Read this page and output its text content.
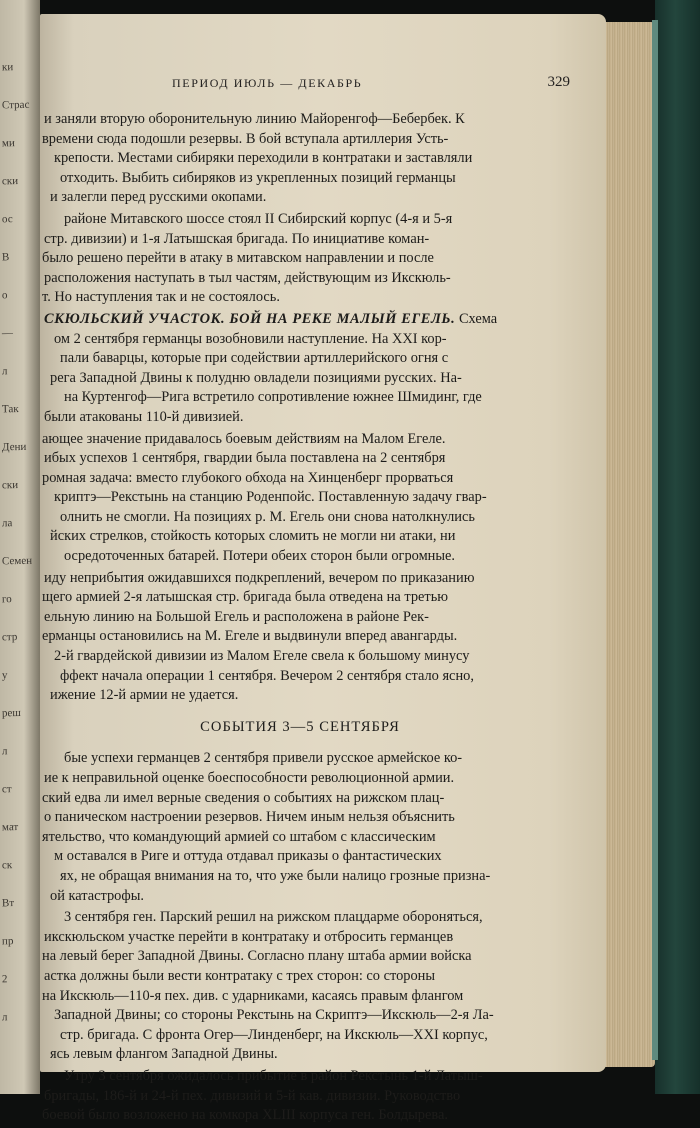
ки
Страс
ми
ски
ос
В
о
—
л
Так
Дени
ски
ла
Семен
го
стр
у
реш
л
ст
мат
ск
Вт
пр
2
л
ПЕРИОД ИЮЛЬ — ДЕКАБРЬ	329
и заняли вторую оборонительную линию Майоренгоф—Бебербек. К
времени сюда подошли резервы. В бой вступала артиллерия Усть-
крепости. Местами сибиряки переходили в контратаки и заставляли
отходить. Выбить сибиряков из укрепленных позиций германцы
и залегли перед русскими окопами.
районе Митавского шоссе стоял II Сибирский корпус (4-я и 5-я
стр. дивизии) и 1-я Латышская бригада. По инициативе коман-
было решено перейти в атаку в митавском направлении и после
расположения наступать в тыл частям, действующим из Икскюль-
т. Но наступления так и не состоялось.
СКЮЛЬСКИЙ УЧАСТОК. БОЙ НА РЕКЕ МАЛЫЙ ЕГЕЛЬ. Схема
ом 2 сентября германцы возобновили наступление. На XXI кор-
пали баварцы, которые при содействии артиллерийского огня с
рега Западной Двины к полудню овладели позициями русских. На-
на Куртенгоф—Рига встретило сопротивление южнее Шмидинг, где
были атакованы 110-й дивизией.
ающее значение придавалось боевым действиям на Малом Егеле.
ибых успехов 1 сентября, гвардии была поставлена на 2 сентября
ромная задача: вместо глубокого обхода на Хинценберг прорваться
криптэ—Рекстынь на станцию Роденпойс. Поставленную задачу гвар-
олнить не смогли. На позициях р. М. Егель они снова натолкнулись
йских стрелков, стойкость которых сломить не могли ни атаки, ни
осредоточенных батарей. Потери обеих сторон были огромные.
иду неприбытия ожидавшихся подкреплений, вечером по приказанию
щего армией 2-я латышская стр. бригада была отведена на третью
ельную линию на Большой Егель и расположена в районе Рек-
ерманцы остановились на М. Егеле и выдвинули вперед авангарды.
2-й гвардейской дивизии из Малом Егеле свела к большому минусу
ффект начала операции 1 сентября. Вечером 2 сентября стало ясно,
ижение 12-й армии не удается.
СОБЫТИЯ 3—5 СЕНТЯБРЯ
бые успехи германцев 2 сентября привели русское армейское ко-
ие к неправильной оценке боеспособности революционной армии.
ский едва ли имел верные сведения о событиях на рижском плац-
о паническом настроении резервов. Ничем иным нельзя объяснить
ятельство, что командующий армией со штабом с классическим
м оставался в Риге и оттуда отдавал приказы о фантастических
ях, не обращая внимания на то, что уже были налицо грозные призна-
ой катастрофы.
3 сентября ген. Парский решил на рижском плацдарме обороняться,
икскюльском участке перейти в контратаку и отбросить германцев
на левый берег Западной Двины. Согласно плану штаба армии войска
астка должны были вести контратаку с трех сторон: со стороны
на Икскюль—110-я пех. див. с ударниками, касаясь правым флангом
Западной Двины; со стороны Рекстынь на Скриптэ—Икскюль—2-я Ла-
стр. бригада. С фронта Огер—Линденберг, на Икскюль—XXI корпус,
ясь левым флангом Западной Двины.
Утру 3 сентября ожидалось прибытие в район Рекстынь 1-й Латыш-
бригады, 186-й и 24-й пех. дивизий и 5-й кав. дивизии. Руководство
боевой было возложено на комкора XLIII корпуса ген. Болдырева.
